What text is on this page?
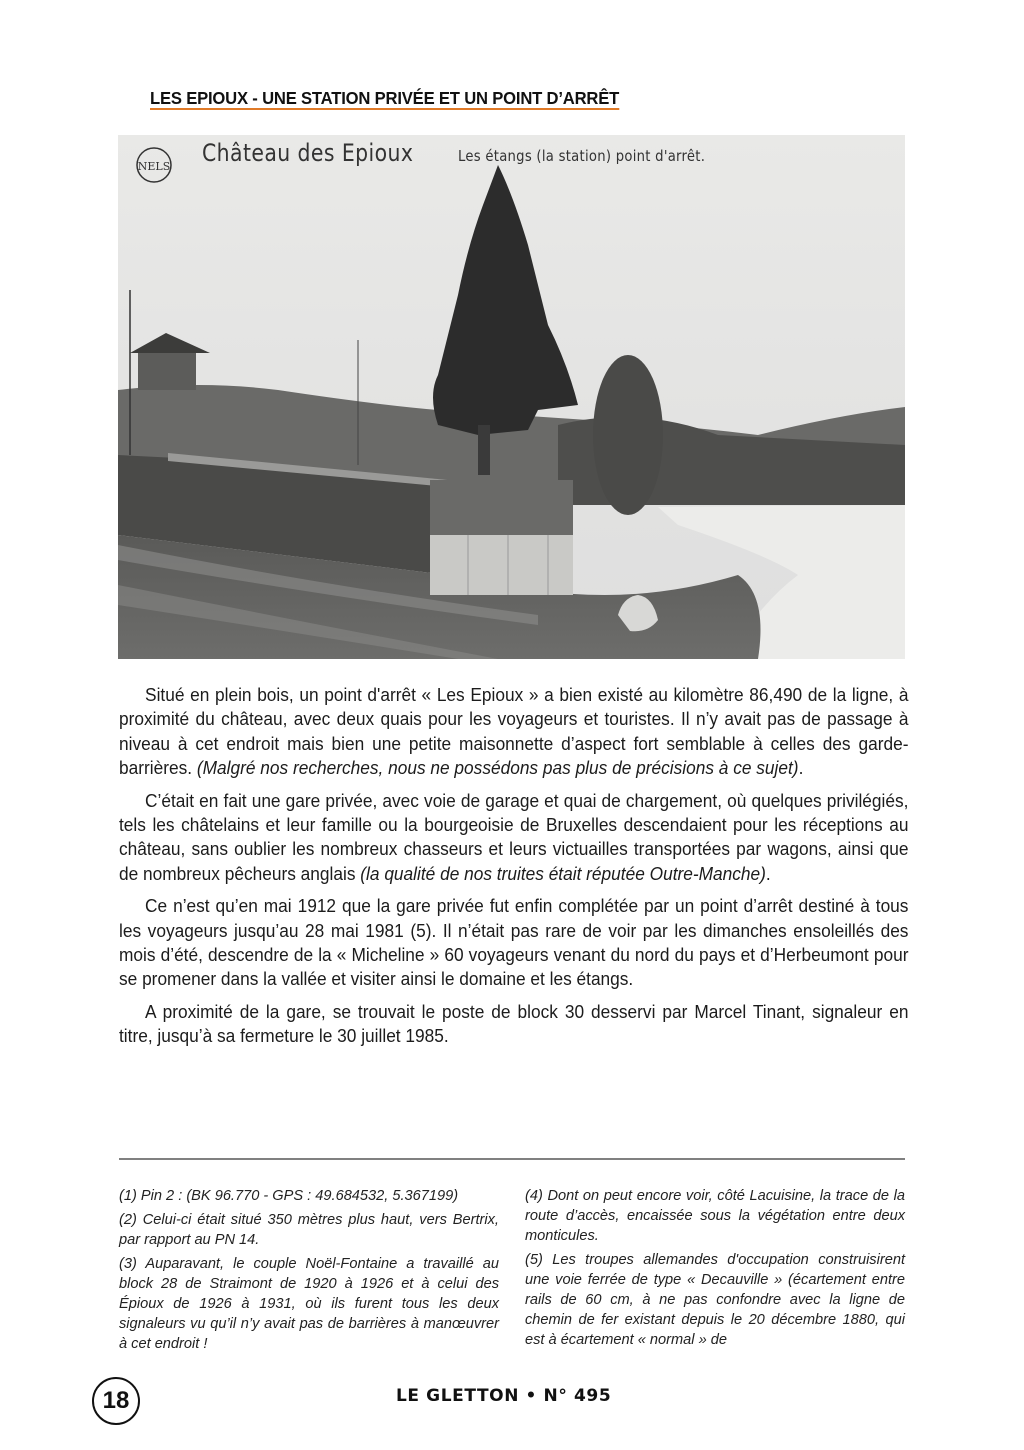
LES EPIOUX - UNE STATION PRIVÉE ET UN POINT D’ARRÊT
NELS Château des Epioux	Les étangs (la station) point d'arrêt.

Situé en plein bois, un point d'arrêt « Les Epioux » a bien existé au kilomètre 86,490 de la ligne, à proximité du château, avec deux quais pour les voyageurs et touristes. Il n’y avait pas de passage à niveau à cet endroit mais bien une petite maisonnette d’aspect fort semblable à celles des garde-barrières. (Malgré nos recherches, nous ne possédons pas plus de précisions à ce sujet).

C’était en fait une gare privée, avec voie de garage et quai de chargement, où quelques privilégiés, tels les châtelains et leur famille ou la bourgeoisie de Bruxelles descendaient pour les réceptions au château, sans oublier les nombreux chasseurs et leurs victuailles transportées par wagons, ainsi que de nombreux pêcheurs anglais (la qualité de nos truites était réputée Outre-Manche).

Ce n’est qu’en mai 1912 que la gare privée fut enfin complétée par un point d’arrêt destiné à tous les voyageurs jusqu’au 28 mai 1981 (5). Il n’était pas rare de voir par les dimanches ensoleillés des mois d’été, descendre de la « Micheline » 60 voyageurs venant du nord du pays et d’Herbeumont pour se promener dans la vallée et visiter ainsi le domaine et les étangs.

A proximité de la gare, se trouvait le poste de block 30 desservi par Marcel Tinant, signaleur en titre, jusqu’à sa fermeture le 30 juillet 1985.

(1) Pin 2 : (BK 96.770 - GPS : 49.684532, 5.367199)

(2) Celui-ci était situé 350 mètres plus haut, vers Bertrix, par rapport au PN 14.

(3) Auparavant, le couple Noël-Fontaine a travaillé au block 28 de Straimont de 1920 à 1926 et à celui des Épioux de 1926 à 1931, où ils furent tous les deux signaleurs vu qu’il n’y avait pas de barrières à manœuvrer à cet endroit !

(4) Dont on peut encore voir, côté Lacuisine, la trace de la route d’accès, encaissée sous la végétation entre deux monticules.

(5) Les troupes allemandes d'occupation construisirent une voie ferrée de type « Decauville » (écartement entre rails de 60 cm, à ne pas confondre avec la ligne de chemin de fer existant depuis le 20 décembre 1880, qui est à écartement « normal » de

18	LE GLETTON • N° 495
